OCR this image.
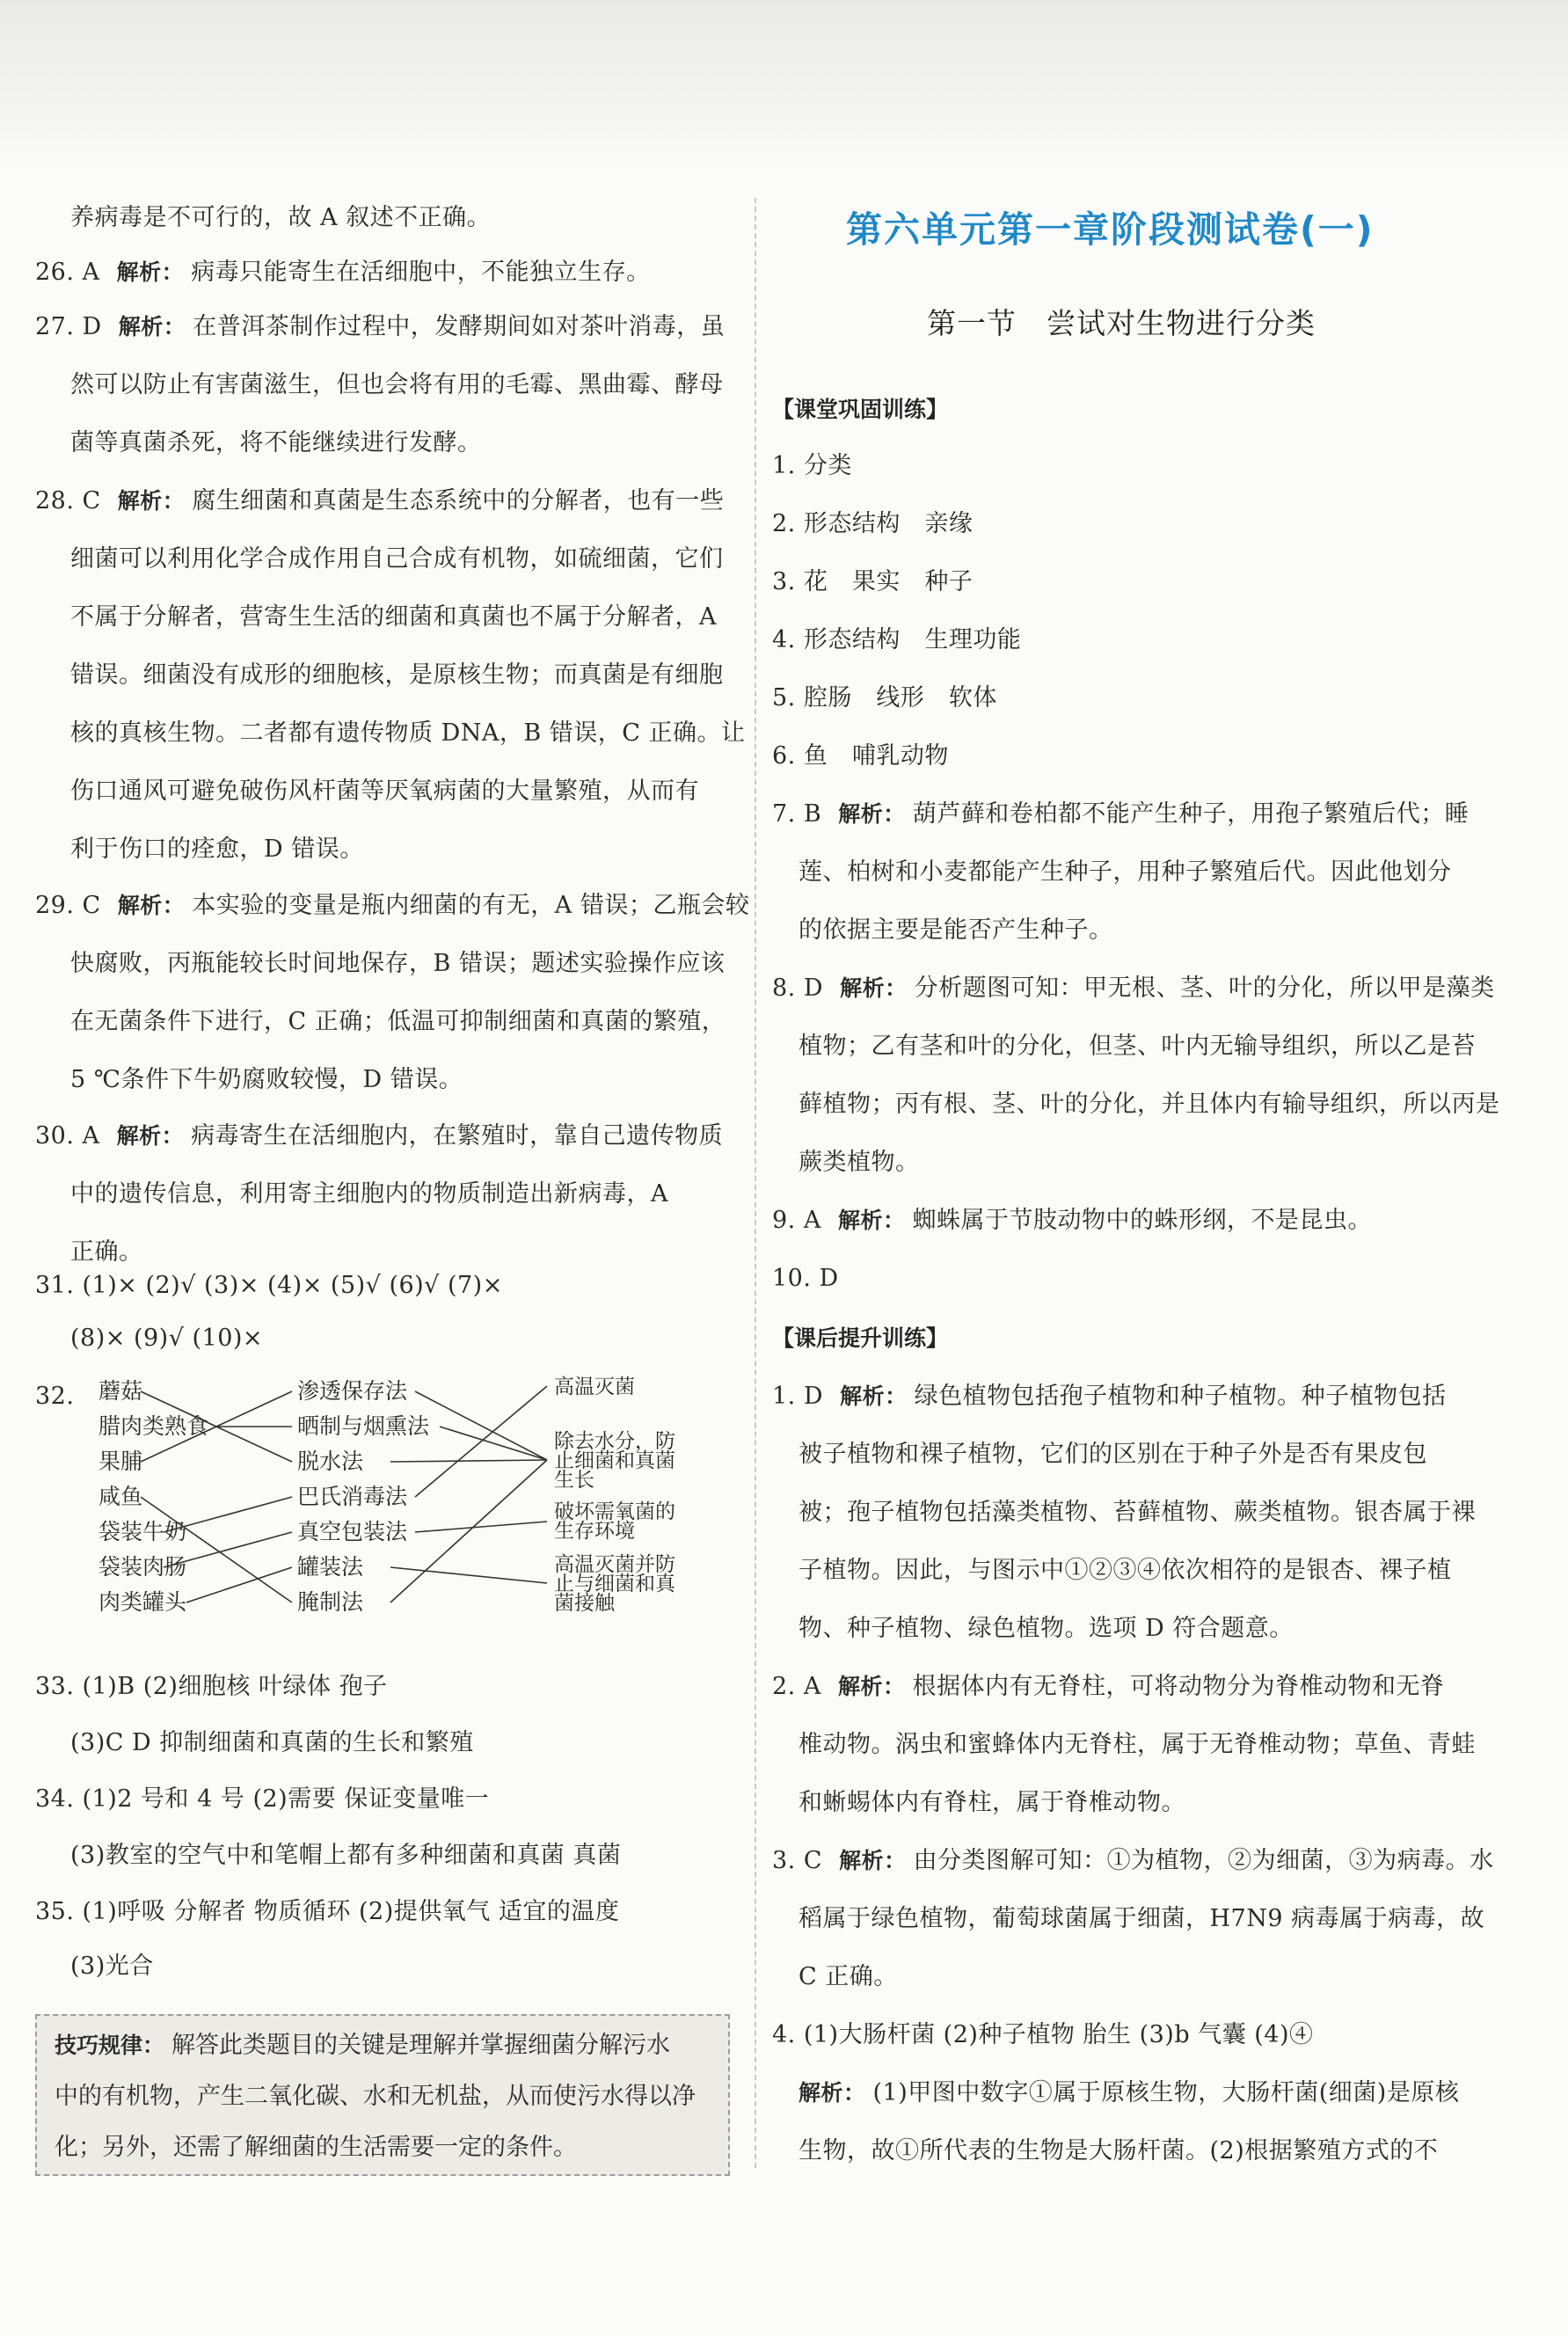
养病毒是不可行的，故 A 叙述不正确。
26. A 解析： 病毒只能寄生在活细胞中，不能独立生存。
27. D 解析： 在普洱茶制作过程中，发酵期间如对茶叶消毒，虽
然可以防止有害菌滋生，但也会将有用的毛霉、黑曲霉、酵母
菌等真菌杀死，将不能继续进行发酵。
28. C 解析： 腐生细菌和真菌是生态系统中的分解者，也有一些
细菌可以利用化学合成作用自己合成有机物，如硫细菌，它们
不属于分解者，营寄生生活的细菌和真菌也不属于分解者，A
错误。细菌没有成形的细胞核，是原核生物；而真菌是有细胞
核的真核生物。二者都有遗传物质 DNA，B 错误，C 正确。让
伤口通风可避免破伤风杆菌等厌氧病菌的大量繁殖，从而有
利于伤口的痊愈，D 错误。
29. C 解析： 本实验的变量是瓶内细菌的有无，A 错误；乙瓶会较
快腐败，丙瓶能较长时间地保存，B 错误；题述实验操作应该
在无菌条件下进行，C 正确；低温可抑制细菌和真菌的繁殖，
5 ℃条件下牛奶腐败较慢，D 错误。
30. A 解析： 病毒寄生在活细胞内，在繁殖时，靠自己遗传物质
中的遗传信息，利用寄主细胞内的物质制造出新病毒，A
正确。
31. (1)× (2)√ (3)× (4)× (5)√ (6)√ (7)×
(8)× (9)√ (10)×
32. 蘑菇
腊肉类熟食
果脯
咸鱼
袋装牛奶
袋装肉肠
肉类罐头
渗透保存法
晒制与烟熏法
脱水法
巴氏消毒法
真空包装法
罐装法
腌制法
高温灭菌
除去水分，防
止细菌和真菌
生长
破坏需氧菌的
生存环境
高温灭菌并防
止与细菌和真
菌接触
33. (1)B (2)细胞核 叶绿体 孢子
(3)C D 抑制细菌和真菌的生长和繁殖
34. (1)2 号和 4 号 (2)需要 保证变量唯一
(3)教室的空气中和笔帽上都有多种细菌和真菌 真菌
35. (1)呼吸 分解者 物质循环 (2)提供氧气 适宜的温度
(3)光合
技巧规律： 解答此类题目的关键是理解并掌握细菌分解污水
中的有机物，产生二氧化碳、水和无机盐，从而使污水得以净
化；另外，还需了解细菌的生活需要一定的条件。
第六单元第一章阶段测试卷(一)
第一节　尝试对生物进行分类
【课堂巩固训练】
1. 分类
2. 形态结构　亲缘
3. 花　果实　种子
4. 形态结构　生理功能
5. 腔肠　线形　软体
6. 鱼　哺乳动物
7. B 解析： 葫芦藓和卷柏都不能产生种子，用孢子繁殖后代；睡
莲、柏树和小麦都能产生种子，用种子繁殖后代。因此他划分
的依据主要是能否产生种子。
8. D 解析： 分析题图可知：甲无根、茎、叶的分化，所以甲是藻类
植物；乙有茎和叶的分化，但茎、叶内无输导组织，所以乙是苔
藓植物；丙有根、茎、叶的分化，并且体内有输导组织，所以丙是
蕨类植物。
9. A 解析： 蜘蛛属于节肢动物中的蛛形纲，不是昆虫。
10. D
【课后提升训练】
1. D 解析： 绿色植物包括孢子植物和种子植物。种子植物包括
被子植物和裸子植物，它们的区别在于种子外是否有果皮包
被；孢子植物包括藻类植物、苔藓植物、蕨类植物。银杏属于裸
子植物。因此，与图示中①②③④依次相符的是银杏、裸子植
物、种子植物、绿色植物。选项 D 符合题意。
2. A 解析： 根据体内有无脊柱，可将动物分为脊椎动物和无脊
椎动物。涡虫和蜜蜂体内无脊柱，属于无脊椎动物；草鱼、青蛙
和蜥蜴体内有脊柱，属于脊椎动物。
3. C 解析： 由分类图解可知：①为植物，②为细菌，③为病毒。水
稻属于绿色植物，葡萄球菌属于细菌，H7N9 病毒属于病毒，故
C 正确。
4. (1)大肠杆菌 (2)种子植物 胎生 (3)b 气囊 (4)④
解析： (1)甲图中数字①属于原核生物，大肠杆菌(细菌)是原核
生物，故①所代表的生物是大肠杆菌。(2)根据繁殖方式的不
